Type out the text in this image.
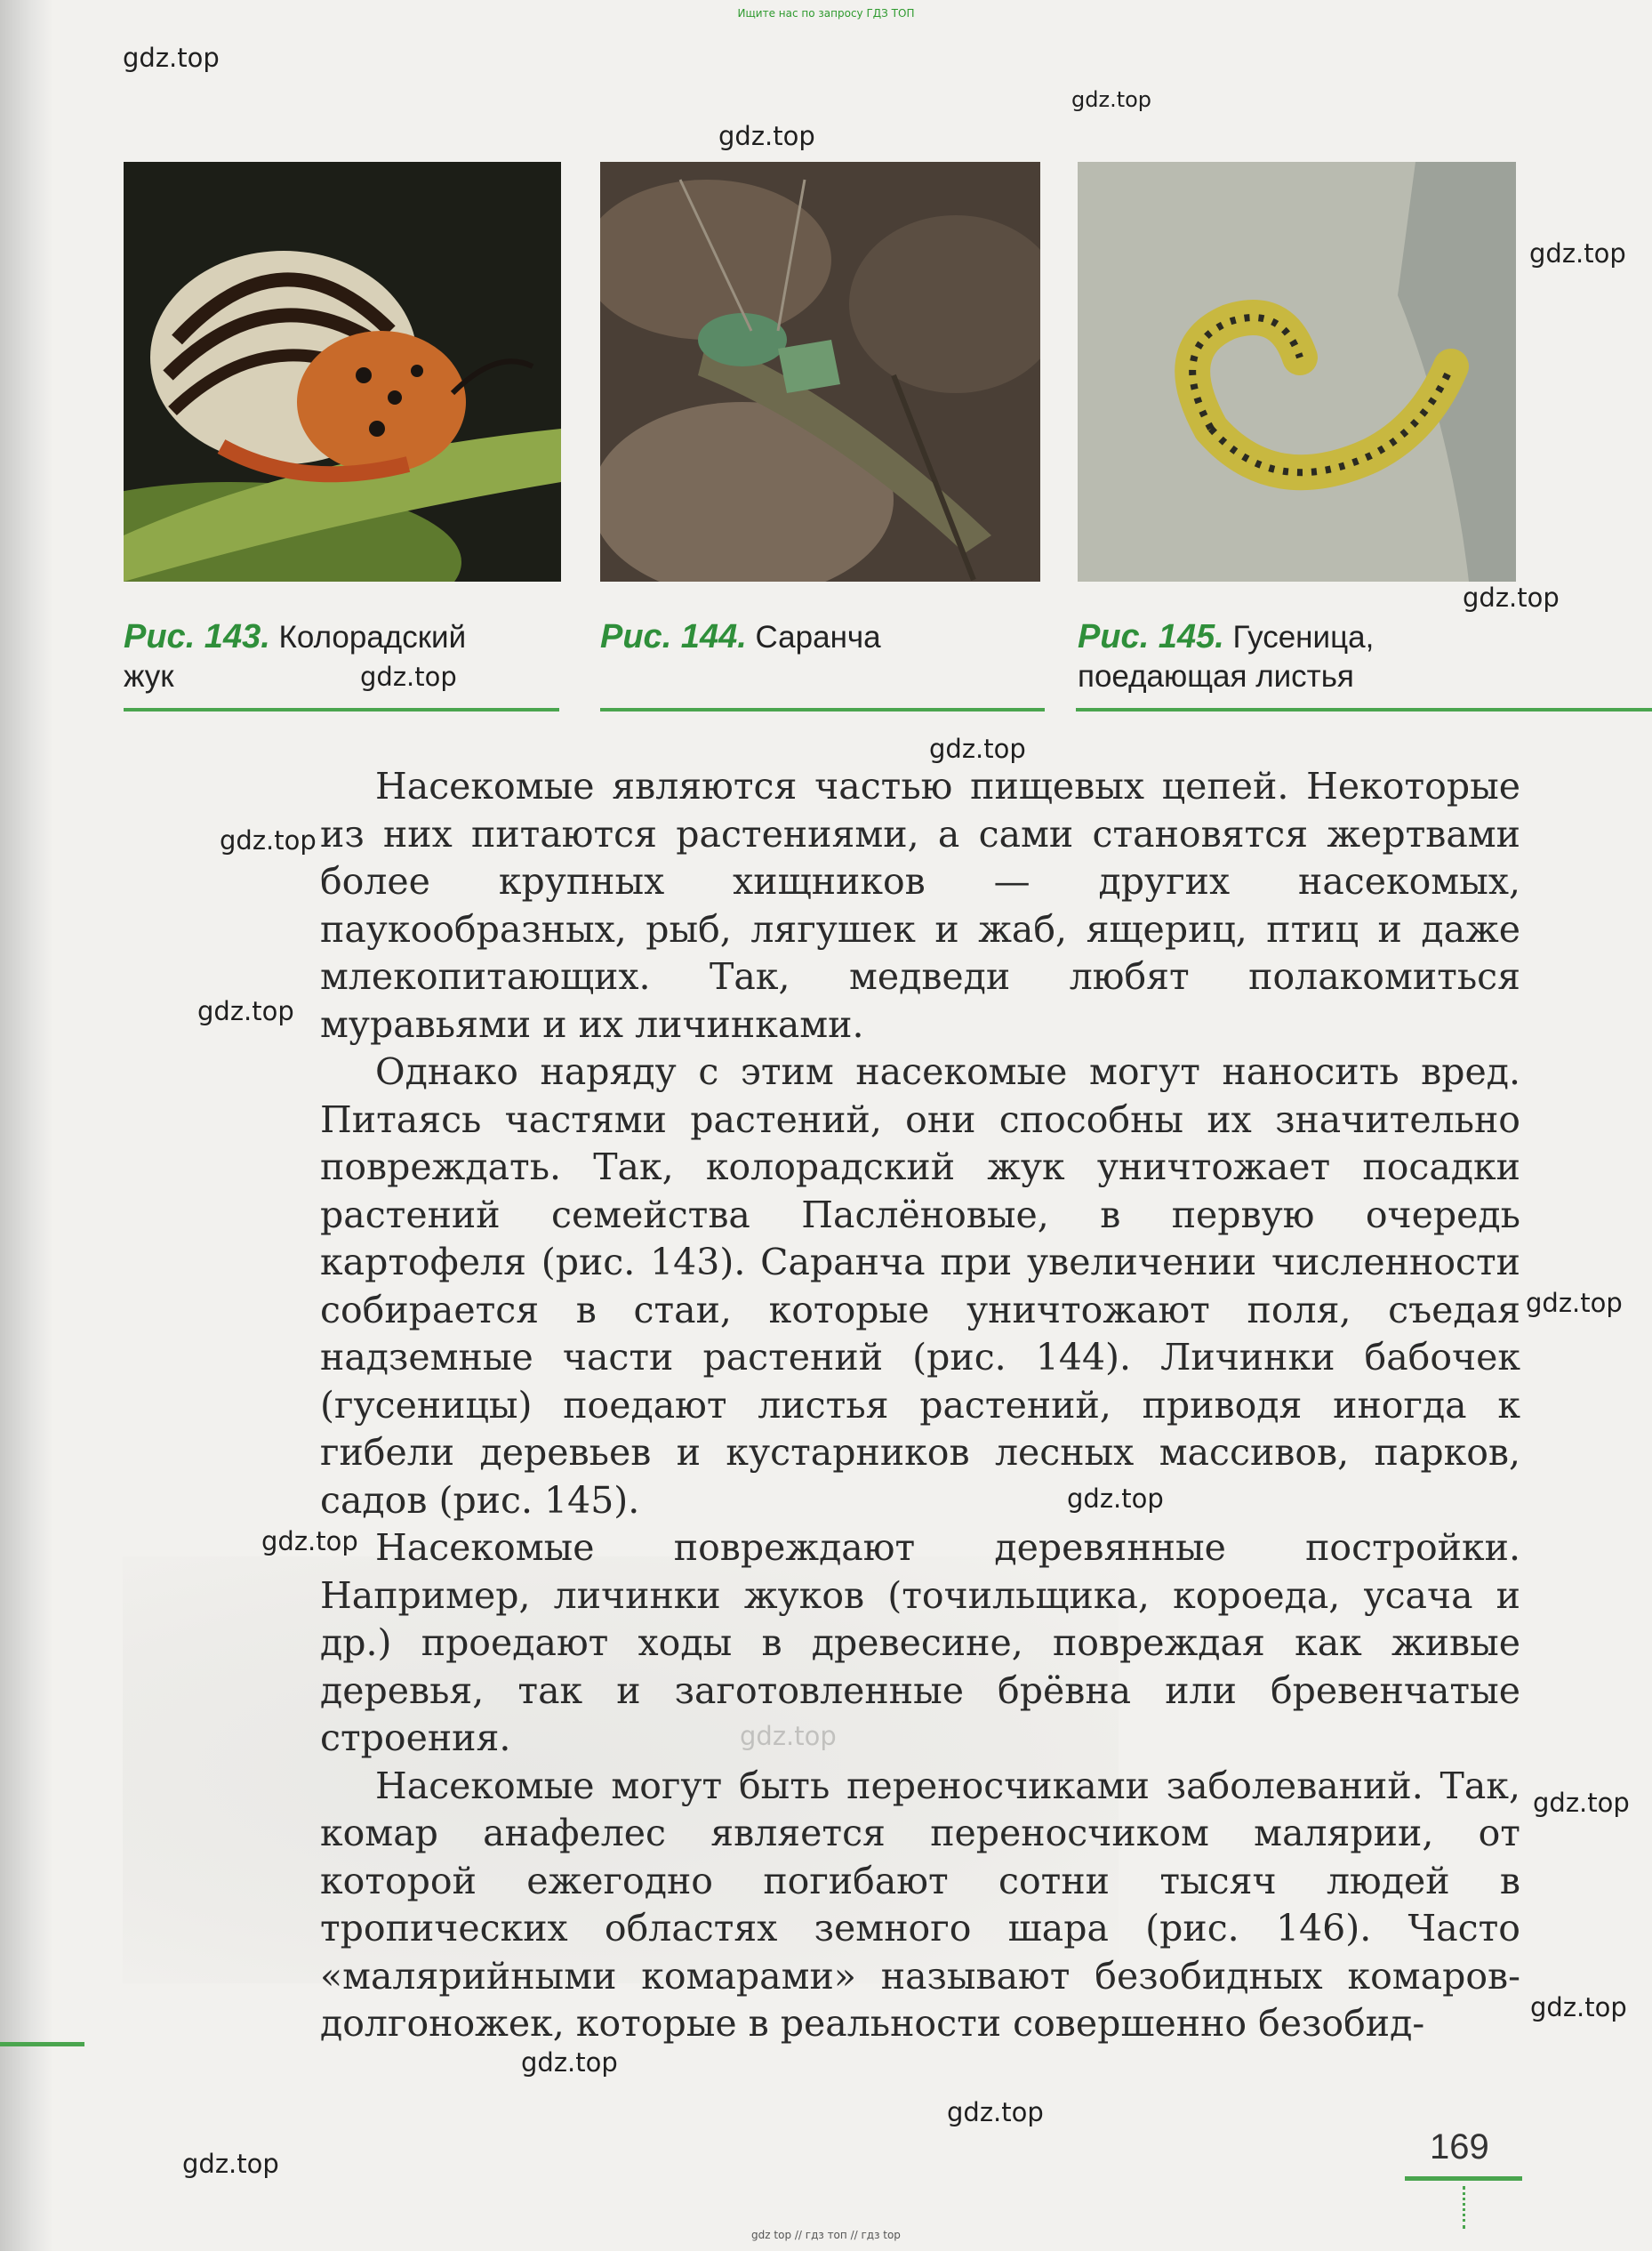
Ищите нас по запросу ГДЗ ТОП
gdz.top
gdz.top
gdz.top
gdz.top
gdz.top
gdz.top
gdz.top
gdz.top
gdz.top
gdz.top
gdz.top
gdz.top
gdz.top
gdz.top
gdz.top
gdz.top
gdz.top
Рис. 143. Колорадский
жук
Рис. 144. Саранча	Рис. 145. Гусеница,
поедающая листья

Насекомые являются частью пищевых цепей. Некоторые из них питаются растениями, а сами становятся жертвами более крупных хищников — других насекомых, паукообразных, рыб, лягушек и жаб, ящериц, птиц и даже млекопитающих. Так, медведи любят полакомиться муравьями и их личинками.

Однако наряду с этим насекомые могут наносить вред. Питаясь частями растений, они способны их значительно повреждать. Так, колорадский жук уничтожает посадки растений семейства Паслёновые, в первую очередь картофеля (рис. 143). Саранча при увеличении численности собирается в стаи, которые уничтожают поля, съедая надземные части растений (рис. 144). Личинки бабочек (гусеницы) поедают листья растений, приводя иногда к гибели деревьев и кустарников лесных массивов, парков, садов (рис. 145).

Насекомые повреждают деревянные постройки. Например, личинки жуков (точильщика, короеда, усача и др.) проедают ходы в древесине, повреждая как живые деревья, так и заготовленные брёвна или бревенчатые строения.

Насекомые могут быть переносчиками заболеваний. Так, комар анафелес является переносчиком малярии, от которой ежегодно погибают сотни тысяч людей в тропических областях земного шара (рис. 146). Часто «малярийными комарами» называют безобидных комаров-долгоножек, которые в реальности совершенно безобид-

169
gdz top // гдз топ // гдз top
